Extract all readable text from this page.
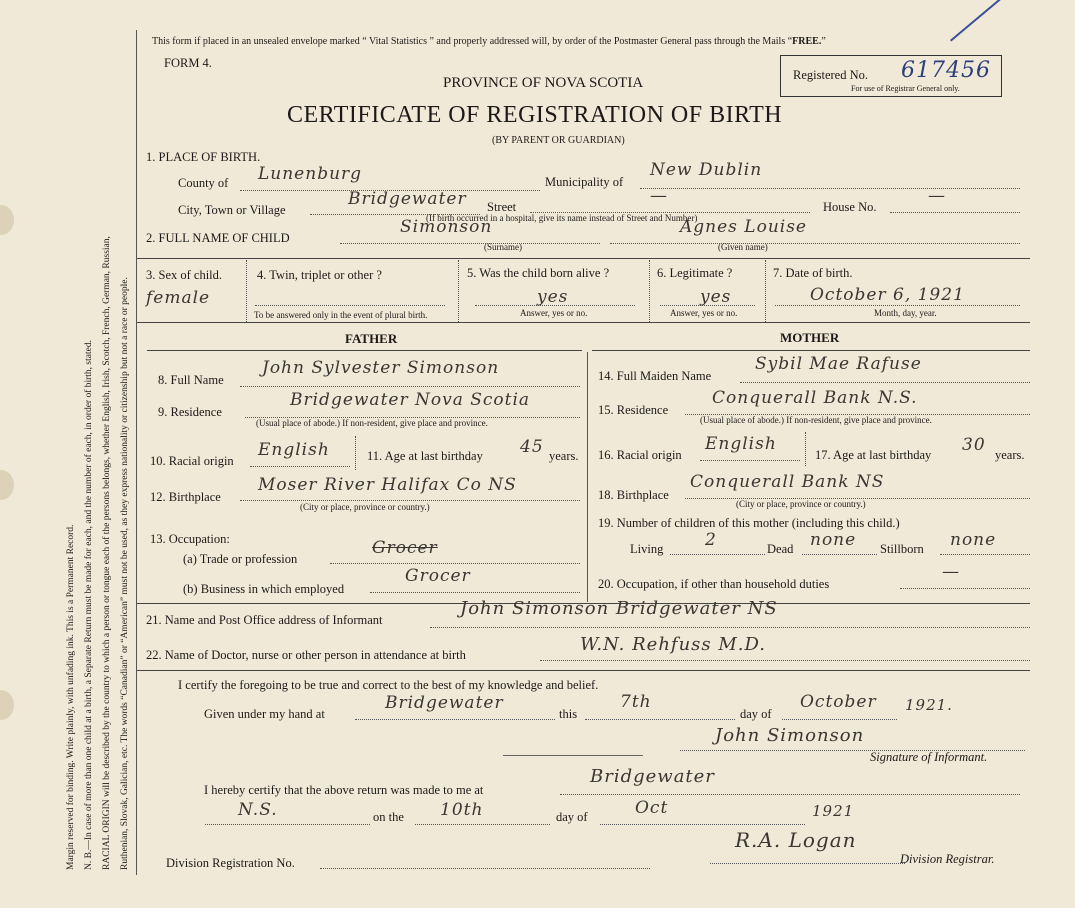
Margin reserved for binding. Write plainly, with unfading ink. This is a Permanent Record. N. B.—In case of more than one child at a birth, a Separate Return must be made for each, and the number of each, in order of birth, stated. RACIAL ORIGIN will be described by the country to which a person or tongue each of the persons belongs, whether English, Irish, Scotch, French, German, Russian, Ruthenian, Slovak, Galician, etc. The words “Canadian” or “American” must not be used, as they express nationality or citizenship but not a race or people.
This form if placed in an unsealed envelope marked “ Vital Statistics ” and properly addressed will, by order of the Postmaster General pass through the Mails “FREE.”
FORM 4.
PROVINCE OF NOVA SCOTIA
CERTIFICATE OF REGISTRATION OF BIRTH
(BY PARENT OR GUARDIAN)
Registered No. 617456
For use of Registrar General only.
1. PLACE OF BIRTH.
County of Lunenburg	Municipality of
New Dublin
City, Town or Village
Bridgewater Street
—
House No.
—
(If birth occurred in a hospital, give its name instead of Street and Number)
2. FULL NAME OF CHILD
Simonson
(Surname)
Agnes Louise
(Given name)
3. Sex of child.
female
4. Twin, triplet or other ?
To be answered only in the event of plural birth.
5. Was the child born alive ?
yes
Answer, yes or no.
6. Legitimate ?
yes
Answer, yes or no.
7. Date of birth.
October 6, 1921
Month, day, year.
FATHER	MOTHER
8. Full Name
John Sylvester Simonson
9. Residence
Bridgewater Nova Scotia
(Usual place of abode.) If non-resident, give place and province.
10. Racial origin
English	11. Age at last birthday 45 years.
12. Birthplace
Moser River Halifax Co NS
(City or place, province or country.)
13. Occupation:
(a) Trade or profession
Grocer
(b) Business in which employed
Grocer
14. Full Maiden Name
Sybil Mae Rafuse
15. Residence
Conquerall Bank N.S.
(Usual place of abode.) If non-resident, give place and province.
16. Racial origin
English
17. Age at last birthday 30 years.
18. Birthplace
Conquerall Bank NS
(City or place, province or country.)
19. Number of children of this mother (including this child.)
Living 2	Dead none Stillborn none
20. Occupation, if other than household duties
—
21. Name and Post Office address of Informant
John Simonson Bridgewater NS
22. Name of Doctor, nurse or other person in attendance at birth	W.N. Rehfuss M.D.
I certify the foregoing to be true and correct to the best of my knowledge and belief.
Given under my hand at
Bridgewater
this
7th
day of
October 1921.
John Simonson
Signature of Informant.
I hereby certify that the above return was made to me at
Bridgewater
N.S.	on the 10th	day of	Oct	1921
Division Registration No.
R.A. Logan
Division Registrar.
